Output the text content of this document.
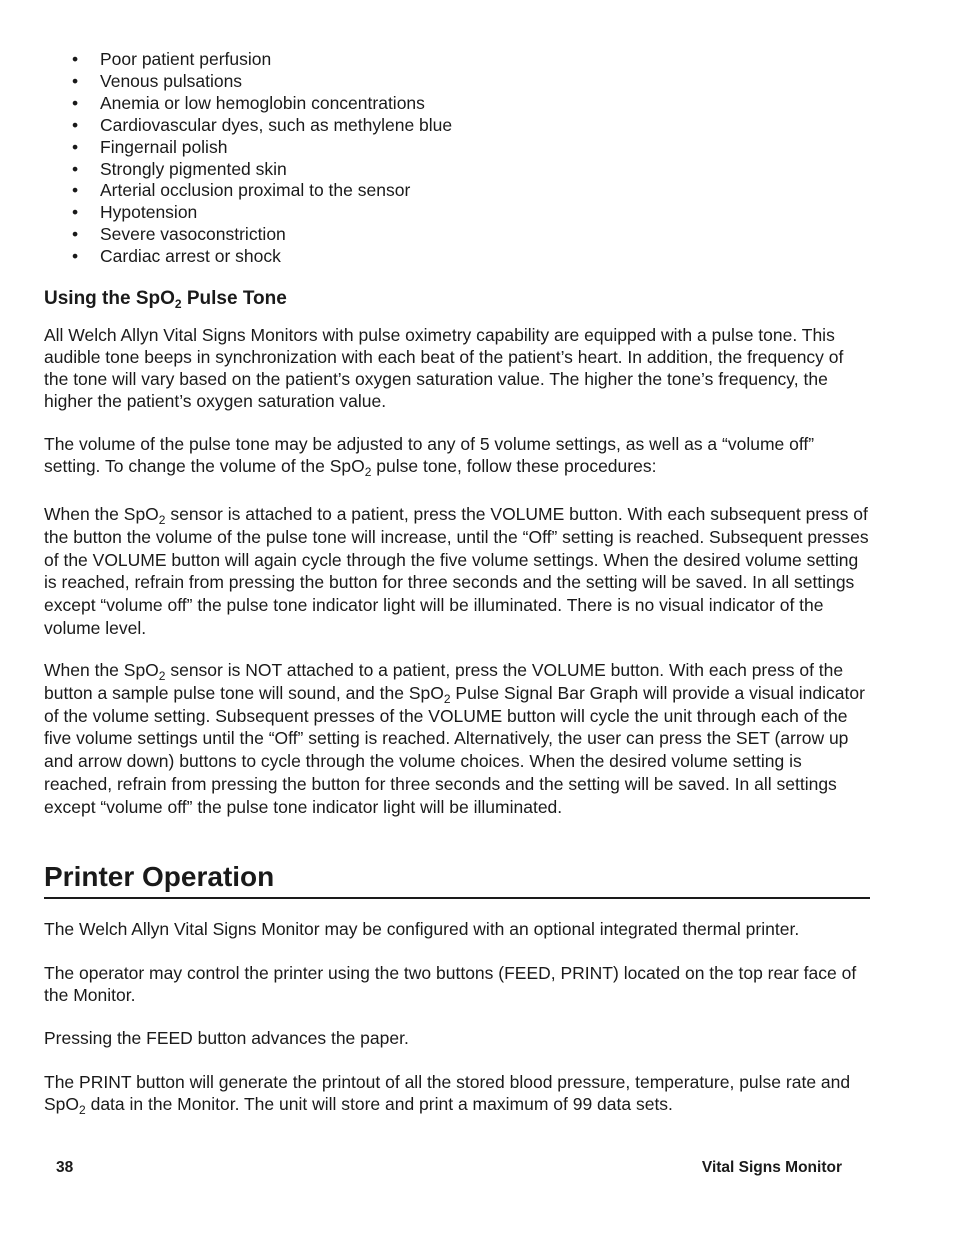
• Poor patient perfusion
• Venous pulsations
• Anemia or low hemoglobin concentrations
• Cardiovascular dyes, such as methylene blue
• Fingernail polish
• Strongly pigmented skin
• Arterial occlusion proximal to the sensor
• Hypotension
• Severe vasoconstriction
• Cardiac arrest or shock
Using the SpO$_2$ Pulse Tone

All Welch Allyn Vital Signs Monitors with pulse oximetry capability are equipped with a pulse tone. This audible tone beeps in synchronization with each beat of the patient’s heart. In addition, the frequency of the tone will vary based on the patient’s oxygen saturation value. The higher the tone’s frequency, the higher the patient’s oxygen saturation value.

The volume of the pulse tone may be adjusted to any of 5 volume settings, as well as a “volume off” setting. To change the volume of the SpO$_2$ pulse tone, follow these procedures:

When the SpO$_2$ sensor is attached to a patient, press the VOLUME button. With each subsequent press of the button the volume of the pulse tone will increase, until the “Off” setting is reached. Subsequent presses of the VOLUME button will again cycle through the five volume settings. When the desired volume setting is reached, refrain from pressing the button for three seconds and the setting will be saved. In all settings except “volume off” the pulse tone indicator light will be illuminated. There is no visual indicator of the volume level.

When the SpO$_2$ sensor is NOT attached to a patient, press the VOLUME button. With each press of the button a sample pulse tone will sound, and the SpO$_2$ Pulse Signal Bar Graph will provide a visual indicator of the volume setting. Subsequent presses of the VOLUME button will cycle the unit through each of the five volume settings until the “Off” setting is reached. Alternatively, the user can press the SET (arrow up and arrow down) buttons to cycle through the volume choices. When the desired volume setting is reached, refrain from pressing the button for three seconds and the setting will be saved. In all settings except “volume off” the pulse tone indicator light will be illuminated.

Printer Operation

The Welch Allyn Vital Signs Monitor may be configured with an optional integrated thermal printer.

The operator may control the printer using the two buttons (FEED, PRINT) located on the top rear face of the Monitor.

Pressing the FEED button advances the paper.

The PRINT button will generate the printout of all the stored blood pressure, temperature, pulse rate and SpO$_2$ data in the Monitor. The unit will store and print a maximum of 99 data sets.

38	Vital Signs Monitor
